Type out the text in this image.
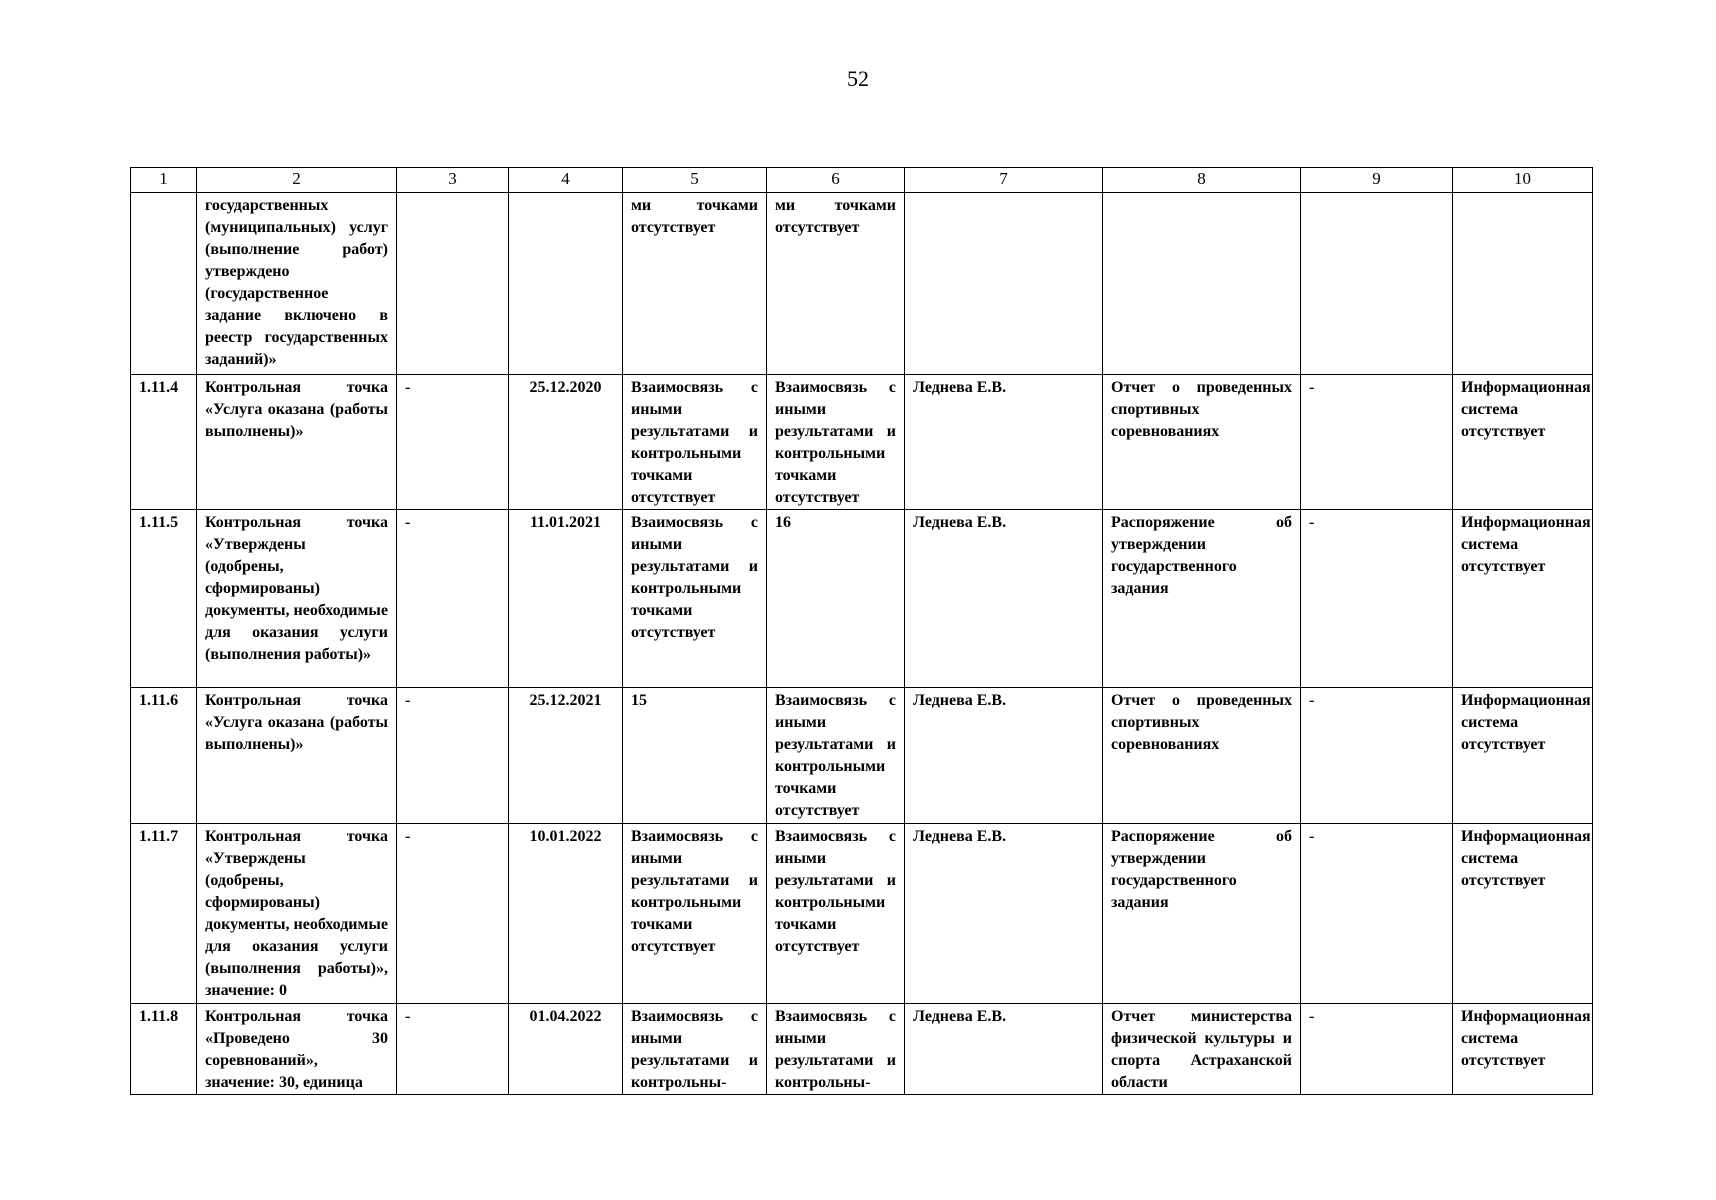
52
1	2	3	4	5	6	7	8	9	10
	государственных (муниципальных) услуг (выполнение работ) утверждено (государственное задание включено в реестр государственных заданий)»			ми точками отсутствует	ми точками отсутствует				
1.11.4	Контрольная точка «Услуга оказана (работы выполнены)»	-	25.12.2020	Взаимосвязь с иными результатами и контрольными точками отсутствует	Взаимосвязь с иными результатами и контрольными точками отсутствует	Леднева Е.В.	Отчет о проведенных спортивных соревнованиях	-	Информационная система отсутствует
1.11.5	Контрольная точка «Утверждены (одобрены, сформированы) документы, необходимые для оказания услуги (выполнения работы)»	-	11.01.2021	Взаимосвязь с иными результатами и контрольными точками отсутствует	16	Леднева Е.В.	Распоряжение об утверждении государственного задания	-	Информационная система отсутствует
1.11.6	Контрольная точка «Услуга оказана (работы выполнены)»	-	25.12.2021	15	Взаимосвязь с иными результатами и контрольными точками отсутствует	Леднева Е.В.	Отчет о проведенных спортивных соревнованиях	-	Информационная система отсутствует
1.11.7	Контрольная точка «Утверждены (одобрены, сформированы) документы, необходимые для оказания услуги (выполнения работы)», значение: 0	-	10.01.2022	Взаимосвязь с иными результатами и контрольными точками отсутствует	Взаимосвязь с иными результатами и контрольными точками отсутствует	Леднева Е.В.	Распоряжение об утверждении государственного задания	-	Информационная система отсутствует
1.11.8	Контрольная точка «Проведено 30 соревнований», значение: 30, единица	-	01.04.2022	Взаимосвязь с иными результатами и контрольны-	Взаимосвязь с иными результатами и контрольны-	Леднева Е.В.	Отчет министерства физической культуры и спорта Астраханской области	-	Информационная система отсутствует
